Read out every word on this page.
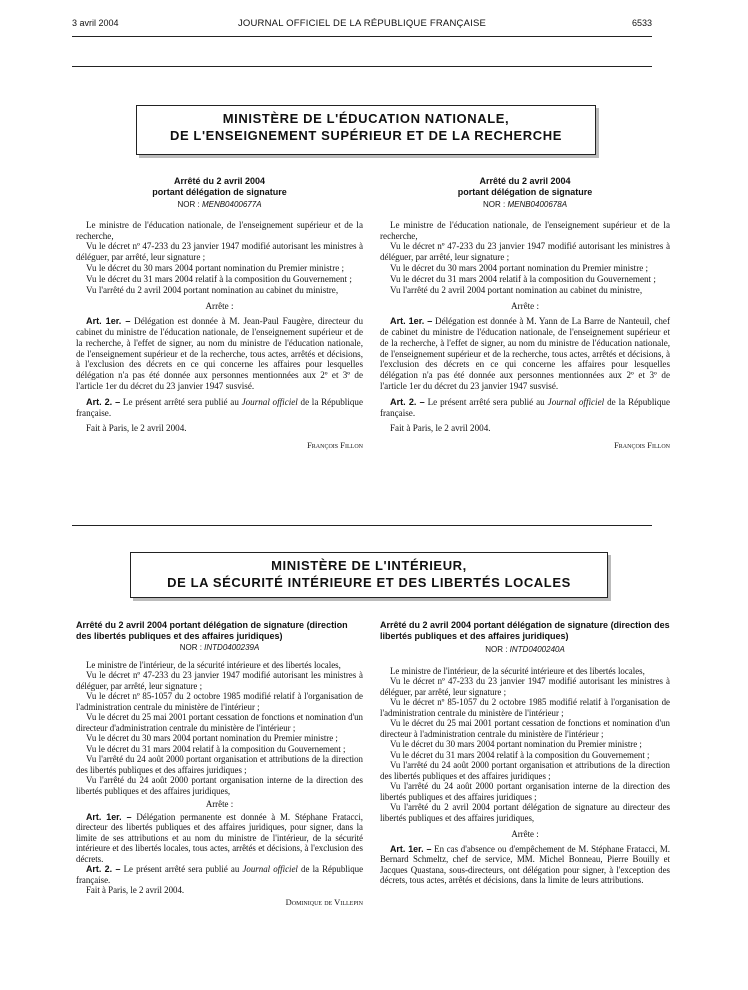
3 avril 2004	JOURNAL OFFICIEL DE LA RÉPUBLIQUE FRANÇAISE	6533
MINISTÈRE DE L'ÉDUCATION NATIONALE,
DE L'ENSEIGNEMENT SUPÉRIEUR ET DE LA RECHERCHE
Arrêté du 2 avril 2004
portant délégation de signature
NOR : MENB0400677A

Le ministre de l'éducation nationale, de l'enseignement supérieur et de la recherche,

Vu le décret nº 47-233 du 23 janvier 1947 modifié autorisant les ministres à déléguer, par arrêté, leur signature ;

Vu le décret du 30 mars 2004 portant nomination du Premier ministre ;

Vu le décret du 31 mars 2004 relatif à la composition du Gouvernement ;

Vu l'arrêté du 2 avril 2004 portant nomination au cabinet du ministre,

Arrête :

Art. 1er. – Délégation est donnée à M. Jean-Paul Faugère, directeur du cabinet du ministre de l'éducation nationale, de l'enseignement supérieur et de la recherche, à l'effet de signer, au nom du ministre de l'éducation nationale, de l'enseignement supérieur et de la recherche, tous actes, arrêtés et décisions, à l'exclusion des décrets en ce qui concerne les affaires pour lesquelles délégation n'a pas été donnée aux personnes mentionnées aux 2º et 3º de l'article 1er du décret du 23 janvier 1947 susvisé.

Art. 2. – Le présent arrêté sera publié au Journal officiel de la République française.

Fait à Paris, le 2 avril 2004.

François Fillon

Arrêté du 2 avril 2004
portant délégation de signature
NOR : MENB0400678A

Le ministre de l'éducation nationale, de l'enseignement supérieur et de la recherche,

Vu le décret nº 47-233 du 23 janvier 1947 modifié autorisant les ministres à déléguer, par arrêté, leur signature ;

Vu le décret du 30 mars 2004 portant nomination du Premier ministre ;

Vu le décret du 31 mars 2004 relatif à la composition du Gouvernement ;

Vu l'arrêté du 2 avril 2004 portant nomination au cabinet du ministre,

Arrête :

Art. 1er. – Délégation est donnée à M. Yann de La Barre de Nanteuil, chef de cabinet du ministre de l'éducation nationale, de l'enseignement supérieur et de la recherche, à l'effet de signer, au nom du ministre de l'éducation nationale, de l'enseignement supérieur et de la recherche, tous actes, arrêtés et décisions, à l'exclusion des décrets en ce qui concerne les affaires pour lesquelles délégation n'a pas été donnée aux personnes mentionnées aux 2º et 3º de l'article 1er du décret du 23 janvier 1947 susvisé.

Art. 2. – Le présent arrêté sera publié au Journal officiel de la République française.

Fait à Paris, le 2 avril 2004.

François Fillon

MINISTÈRE DE L'INTÉRIEUR,
DE LA SÉCURITÉ INTÉRIEURE ET DES LIBERTÉS LOCALES
Arrêté du 2 avril 2004 portant délégation de signature (direction des libertés publiques et des affaires juridiques)
NOR : INTD0400239A

Le ministre de l'intérieur, de la sécurité intérieure et des libertés locales,

Vu le décret nº 47-233 du 23 janvier 1947 modifié autorisant les ministres à déléguer, par arrêté, leur signature ;

Vu le décret nº 85-1057 du 2 octobre 1985 modifié relatif à l'organisation de l'administration centrale du ministère de l'intérieur ;

Vu le décret du 25 mai 2001 portant cessation de fonctions et nomination d'un directeur d'administration centrale du ministère de l'intérieur ;

Vu le décret du 30 mars 2004 portant nomination du Premier ministre ;

Vu le décret du 31 mars 2004 relatif à la composition du Gouvernement ;

Vu l'arrêté du 24 août 2000 portant organisation et attributions de la direction des libertés publiques et des affaires juridiques ;

Vu l'arrêté du 24 août 2000 portant organisation interne de la direction des libertés publiques et des affaires juridiques,

Arrête :

Art. 1er. – Délégation permanente est donnée à M. Stéphane Fratacci, directeur des libertés publiques et des affaires juridiques, pour signer, dans la limite de ses attributions et au nom du ministre de l'intérieur, de la sécurité intérieure et des libertés locales, tous actes, arrêtés et décisions, à l'exclusion des décrets.

Art. 2. – Le présent arrêté sera publié au Journal officiel de la République française.

Fait à Paris, le 2 avril 2004.

Dominique de Villepin

Arrêté du 2 avril 2004 portant délégation de signature (direction des libertés publiques et des affaires juridiques)
NOR : INTD0400240A

Le ministre de l'intérieur, de la sécurité intérieure et des libertés locales,

Vu le décret nº 47-233 du 23 janvier 1947 modifié autorisant les ministres à déléguer, par arrêté, leur signature ;

Vu le décret nº 85-1057 du 2 octobre 1985 modifié relatif à l'organisation de l'administration centrale du ministère de l'intérieur ;

Vu le décret du 25 mai 2001 portant cessation de fonctions et nomination d'un directeur à l'administration centrale du ministère de l'intérieur ;

Vu le décret du 30 mars 2004 portant nomination du Premier ministre ;

Vu le décret du 31 mars 2004 relatif à la composition du Gouvernement ;

Vu l'arrêté du 24 août 2000 portant organisation et attributions de la direction des libertés publiques et des affaires juridiques ;

Vu l'arrêté du 24 août 2000 portant organisation interne de la direction des libertés publiques et des affaires juridiques ;

Vu l'arrêté du 2 avril 2004 portant délégation de signature au directeur des libertés publiques et des affaires juridiques,

Arrête :

Art. 1er. – En cas d'absence ou d'empêchement de M. Stéphane Fratacci, M. Bernard Schmeltz, chef de service, MM. Michel Bonneau, Pierre Bouilly et Jacques Quastana, sous-directeurs, ont délégation pour signer, à l'exception des décrets, tous actes, arrêtés et décisions, dans la limite de leurs attributions.
